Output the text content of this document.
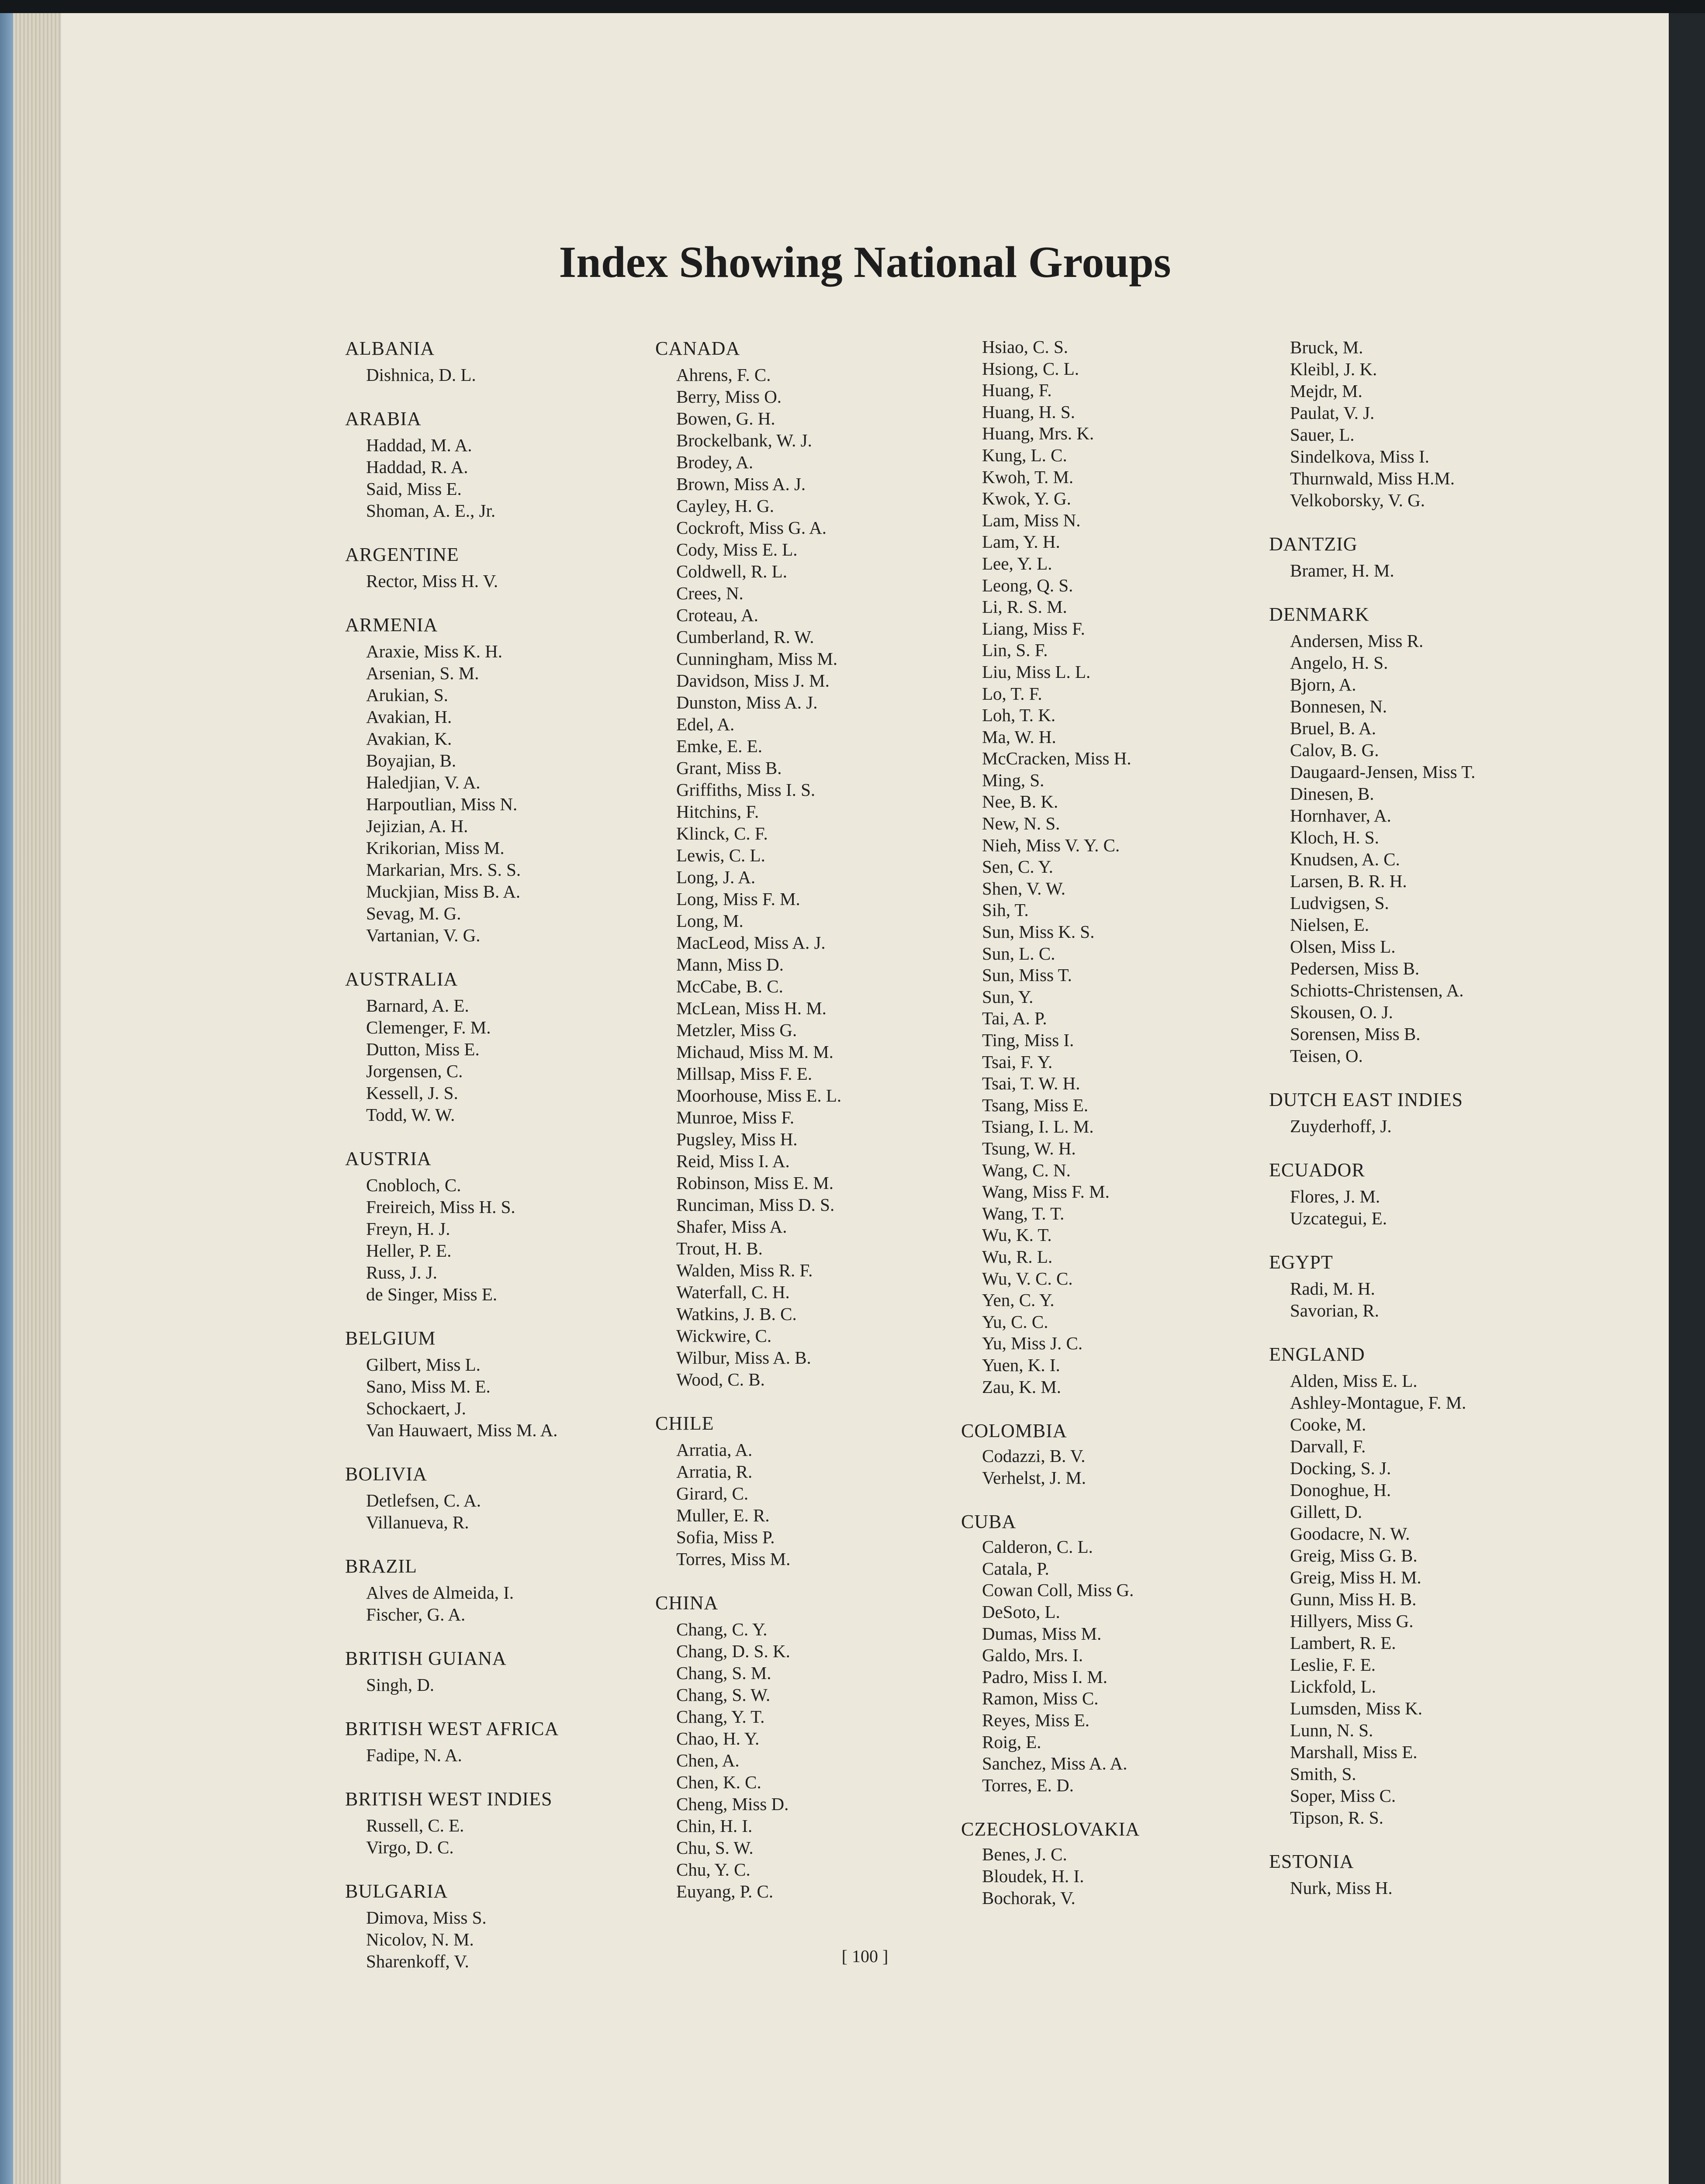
Index Showing National Groups
ALBANIA
Dishnica, D. L.
ARABIA
Haddad, M. A.
Haddad, R. A.
Said, Miss E.
Shoman, A. E., Jr.
ARGENTINE
Rector, Miss H. V.
ARMENIA
Araxie, Miss K. H.
Arsenian, S. M.
Arukian, S.
Avakian, H.
Avakian, K.
Boyajian, B.
Haledjian, V. A.
Harpoutlian, Miss N.
Jejizian, A. H.
Krikorian, Miss M.
Markarian, Mrs. S. S.
Muckjian, Miss B. A.
Sevag, M. G.
Vartanian, V. G.
AUSTRALIA
Barnard, A. E.
Clemenger, F. M.
Dutton, Miss E.
Jorgensen, C.
Kessell, J. S.
Todd, W. W.
AUSTRIA
Cnobloch, C.
Freireich, Miss H. S.
Freyn, H. J.
Heller, P. E.
Russ, J. J.
de Singer, Miss E.
BELGIUM
Gilbert, Miss L.
Sano, Miss M. E.
Schockaert, J.
Van Hauwaert, Miss M. A.
BOLIVIA
Detlefsen, C. A.
Villanueva, R.
BRAZIL
Alves de Almeida, I.
Fischer, G. A.
BRITISH GUIANA
Singh, D.
BRITISH WEST AFRICA
Fadipe, N. A.
BRITISH WEST INDIES
Russell, C. E.
Virgo, D. C.
BULGARIA
Dimova, Miss S.
Nicolov, N. M.
Sharenkoff, V.
CANADA
Ahrens, F. C.
Berry, Miss O.
Bowen, G. H.
Brockelbank, W. J.
Brodey, A.
Brown, Miss A. J.
Cayley, H. G.
Cockroft, Miss G. A.
Cody, Miss E. L.
Coldwell, R. L.
Crees, N.
Croteau, A.
Cumberland, R. W.
Cunningham, Miss M.
Davidson, Miss J. M.
Dunston, Miss A. J.
Edel, A.
Emke, E. E.
Grant, Miss B.
Griffiths, Miss I. S.
Hitchins, F.
Klinck, C. F.
Lewis, C. L.
Long, J. A.
Long, Miss F. M.
Long, M.
MacLeod, Miss A. J.
Mann, Miss D.
McCabe, B. C.
McLean, Miss H. M.
Metzler, Miss G.
Michaud, Miss M. M.
Millsap, Miss F. E.
Moorhouse, Miss E. L.
Munroe, Miss F.
Pugsley, Miss H.
Reid, Miss I. A.
Robinson, Miss E. M.
Runciman, Miss D. S.
Shafer, Miss A.
Trout, H. B.
Walden, Miss R. F.
Waterfall, C. H.
Watkins, J. B. C.
Wickwire, C.
Wilbur, Miss A. B.
Wood, C. B.
CHILE
Arratia, A.
Arratia, R.
Girard, C.
Muller, E. R.
Sofia, Miss P.
Torres, Miss M.
CHINA
Chang, C. Y.
Chang, D. S. K.
Chang, S. M.
Chang, S. W.
Chang, Y. T.
Chao, H. Y.
Chen, A.
Chen, K. C.
Cheng, Miss D.
Chin, H. I.
Chu, S. W.
Chu, Y. C.
Euyang, P. C.
Hsiao, C. S.
Hsiong, C. L.
Huang, F.
Huang, H. S.
Huang, Mrs. K.
Kung, L. C.
Kwoh, T. M.
Kwok, Y. G.
Lam, Miss N.
Lam, Y. H.
Lee, Y. L.
Leong, Q. S.
Li, R. S. M.
Liang, Miss F.
Lin, S. F.
Liu, Miss L. L.
Lo, T. F.
Loh, T. K.
Ma, W. H.
McCracken, Miss H.
Ming, S.
Nee, B. K.
New, N. S.
Nieh, Miss V. Y. C.
Sen, C. Y.
Shen, V. W.
Sih, T.
Sun, Miss K. S.
Sun, L. C.
Sun, Miss T.
Sun, Y.
Tai, A. P.
Ting, Miss I.
Tsai, F. Y.
Tsai, T. W. H.
Tsang, Miss E.
Tsiang, I. L. M.
Tsung, W. H.
Wang, C. N.
Wang, Miss F. M.
Wang, T. T.
Wu, K. T.
Wu, R. L.
Wu, V. C. C.
Yen, C. Y.
Yu, C. C.
Yu, Miss J. C.
Yuen, K. I.
Zau, K. M.
COLOMBIA
Codazzi, B. V.
Verhelst, J. M.
CUBA
Calderon, C. L.
Catala, P.
Cowan Coll, Miss G.
DeSoto, L.
Dumas, Miss M.
Galdo, Mrs. I.
Padro, Miss I. M.
Ramon, Miss C.
Reyes, Miss E.
Roig, E.
Sanchez, Miss A. A.
Torres, E. D.
CZECHOSLOVAKIA
Benes, J. C.
Bloudek, H. I.
Bochorak, V.
Bruck, M.
Kleibl, J. K.
Mejdr, M.
Paulat, V. J.
Sauer, L.
Sindelkova, Miss I.
Thurnwald, Miss H.M.
Velkoborsky, V. G.
DANTZIG
Bramer, H. M.
DENMARK
Andersen, Miss R.
Angelo, H. S.
Bjorn, A.
Bonnesen, N.
Bruel, B. A.
Calov, B. G.
Daugaard-Jensen, Miss T.
Dinesen, B.
Hornhaver, A.
Kloch, H. S.
Knudsen, A. C.
Larsen, B. R. H.
Ludvigsen, S.
Nielsen, E.
Olsen, Miss L.
Pedersen, Miss B.
Schiotts-Christensen, A.
Skousen, O. J.
Sorensen, Miss B.
Teisen, O.
DUTCH EAST INDIES
Zuyderhoff, J.
ECUADOR
Flores, J. M.
Uzcategui, E.
EGYPT
Radi, M. H.
Savorian, R.
ENGLAND
Alden, Miss E. L.
Ashley-Montague, F. M.
Cooke, M.
Darvall, F.
Docking, S. J.
Donoghue, H.
Gillett, D.
Goodacre, N. W.
Greig, Miss G. B.
Greig, Miss H. M.
Gunn, Miss H. B.
Hillyers, Miss G.
Lambert, R. E.
Leslie, F. E.
Lickfold, L.
Lumsden, Miss K.
Lunn, N. S.
Marshall, Miss E.
Smith, S.
Soper, Miss C.
Tipson, R. S.
ESTONIA
Nurk, Miss H.
[ 100 ]
